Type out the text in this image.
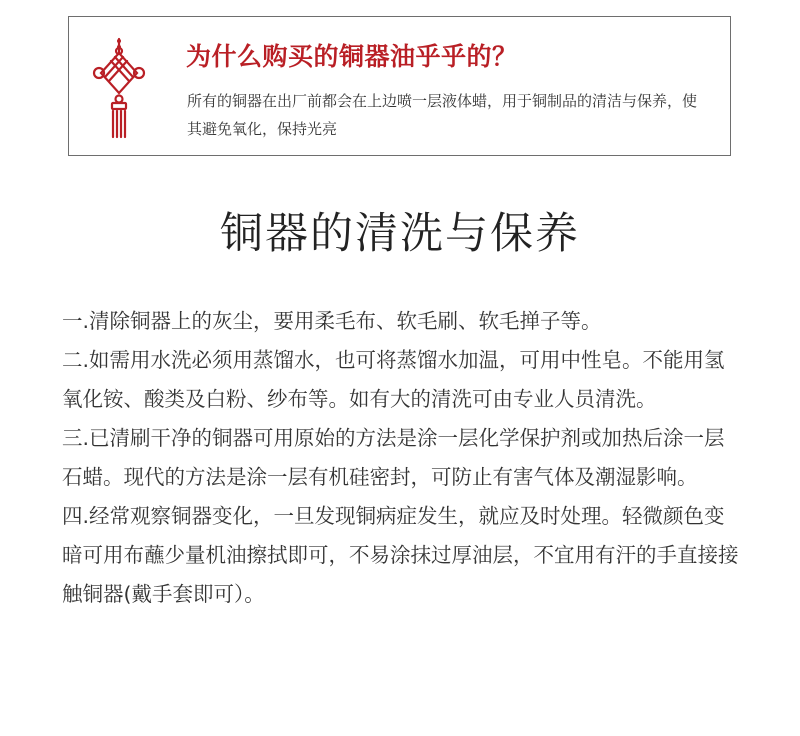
为什么购买的铜器油乎乎的？
所有的铜器在出厂前都会在上边喷一层液体蜡，用于铜制品的清洁与保养，使其避免氧化，保持光亮
铜器的清洗与保养
一.清除铜器上的灰尘，要用柔毛布、软毛刷、软毛掸子等。
二.如需用水洗必须用蒸馏水，也可将蒸馏水加温，可用中性皂。不能用氢氧化铵、酸类及白粉、纱布等。如有大的清洗可由专业人员清洗。
三.已清刷干净的铜器可用原始的方法是涂一层化学保护剂或加热后涂一层石蜡。现代的方法是涂一层有机硅密封，可防止有害气体及潮湿影响。
四.经常观察铜器变化，一旦发现铜病症发生，就应及时处理。轻微颜色变暗可用布蘸少量机油擦拭即可，不易涂抹过厚油层，不宜用有汗的手直接接触铜器(戴手套即可）。
